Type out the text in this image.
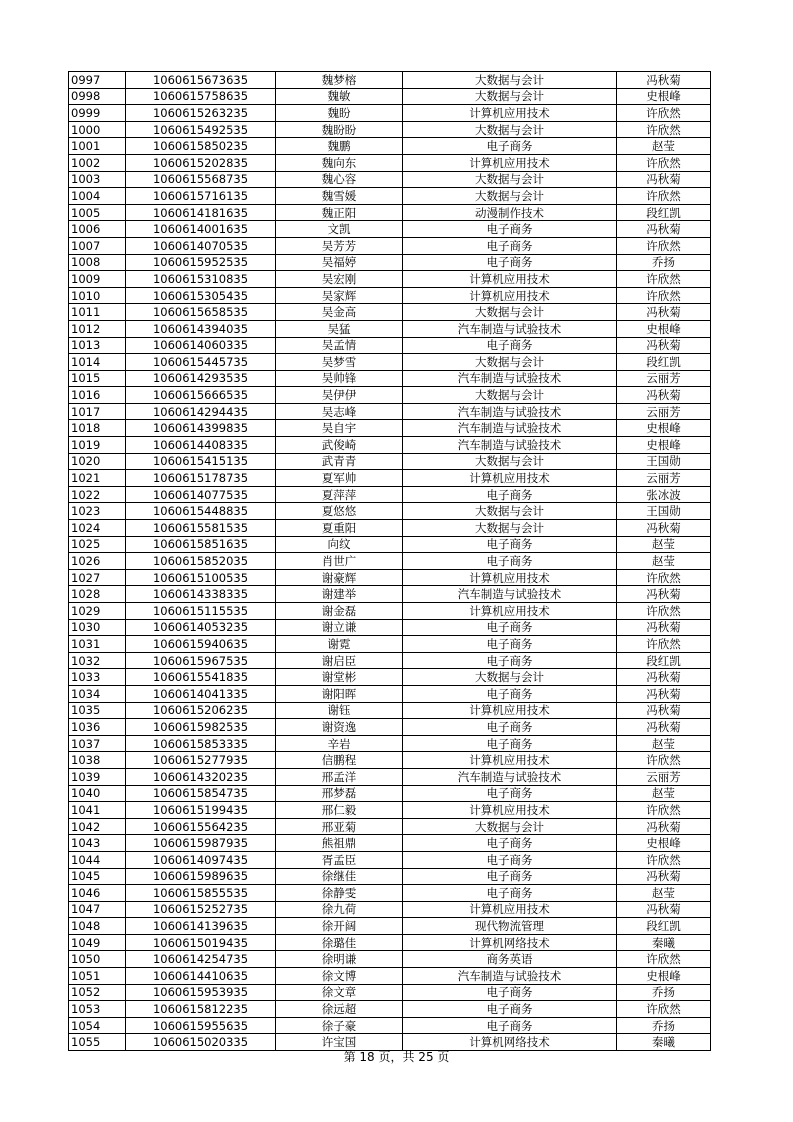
0997	1060615673635	魏梦榕	大数据与会计	冯秋菊
0998	1060615758635	魏敏	大数据与会计	史根峰
0999	1060615263235	魏盼	计算机应用技术	许欣然
1000	1060615492535	魏盼盼	大数据与会计	许欣然
1001	1060615850235	魏鹏	电子商务	赵莹
1002	1060615202835	魏向东	计算机应用技术	许欣然
1003	1060615568735	魏心容	大数据与会计	冯秋菊
1004	1060615716135	魏雪媛	大数据与会计	许欣然
1005	1060614181635	魏正阳	动漫制作技术	段红凯
1006	1060614001635	文凯	电子商务	冯秋菊
1007	1060614070535	吴芳芳	电子商务	许欣然
1008	1060615952535	吴福婷	电子商务	乔扬
1009	1060615310835	吴宏刚	计算机应用技术	许欣然
1010	1060615305435	吴家辉	计算机应用技术	许欣然
1011	1060615658535	吴金高	大数据与会计	冯秋菊
1012	1060614394035	吴猛	汽车制造与试验技术	史根峰
1013	1060614060335	吴孟情	电子商务	冯秋菊
1014	1060615445735	吴梦雪	大数据与会计	段红凯
1015	1060614293535	吴帅锋	汽车制造与试验技术	云丽芳
1016	1060615666535	吴伊伊	大数据与会计	冯秋菊
1017	1060614294435	吴志峰	汽车制造与试验技术	云丽芳
1018	1060614399835	吴自宇	汽车制造与试验技术	史根峰
1019	1060614408335	武俊崎	汽车制造与试验技术	史根峰
1020	1060615415135	武青青	大数据与会计	王国勋
1021	1060615178735	夏军帅	计算机应用技术	云丽芳
1022	1060614077535	夏萍萍	电子商务	张冰波
1023	1060615448835	夏悠悠	大数据与会计	王国勋
1024	1060615581535	夏重阳	大数据与会计	冯秋菊
1025	1060615851635	向纹	电子商务	赵莹
1026	1060615852035	肖世广	电子商务	赵莹
1027	1060615100535	谢豪辉	计算机应用技术	许欣然
1028	1060614338335	谢建举	汽车制造与试验技术	冯秋菊
1029	1060615115535	谢金磊	计算机应用技术	许欣然
1030	1060614053235	谢立谦	电子商务	冯秋菊
1031	1060615940635	谢霓	电子商务	许欣然
1032	1060615967535	谢启臣	电子商务	段红凯
1033	1060615541835	谢堂彬	大数据与会计	冯秋菊
1034	1060614041335	谢阳晖	电子商务	冯秋菊
1035	1060615206235	谢钰	计算机应用技术	冯秋菊
1036	1060615982535	谢资逸	电子商务	冯秋菊
1037	1060615853335	辛岩	电子商务	赵莹
1038	1060615277935	信鹏程	计算机应用技术	许欣然
1039	1060614320235	邢孟洋	汽车制造与试验技术	云丽芳
1040	1060615854735	邢梦磊	电子商务	赵莹
1041	1060615199435	邢仁毅	计算机应用技术	许欣然
1042	1060615564235	邢亚菊	大数据与会计	冯秋菊
1043	1060615987935	熊祖鼎	电子商务	史根峰
1044	1060614097435	胥孟臣	电子商务	许欣然
1045	1060615989635	徐继佳	电子商务	冯秋菊
1046	1060615855535	徐静雯	电子商务	赵莹
1047	1060615252735	徐九荷	计算机应用技术	冯秋菊
1048	1060614139635	徐开阔	现代物流管理	段红凯
1049	1060615019435	徐璐佳	计算机网络技术	秦曦
1050	1060614254735	徐明谦	商务英语	许欣然
1051	1060614410635	徐文博	汽车制造与试验技术	史根峰
1052	1060615953935	徐文章	电子商务	乔扬
1053	1060615812235	徐远超	电子商务	许欣然
1054	1060615955635	徐子豪	电子商务	乔扬
1055	1060615020335	许宝国	计算机网络技术	秦曦
第 18 页，共 25 页
